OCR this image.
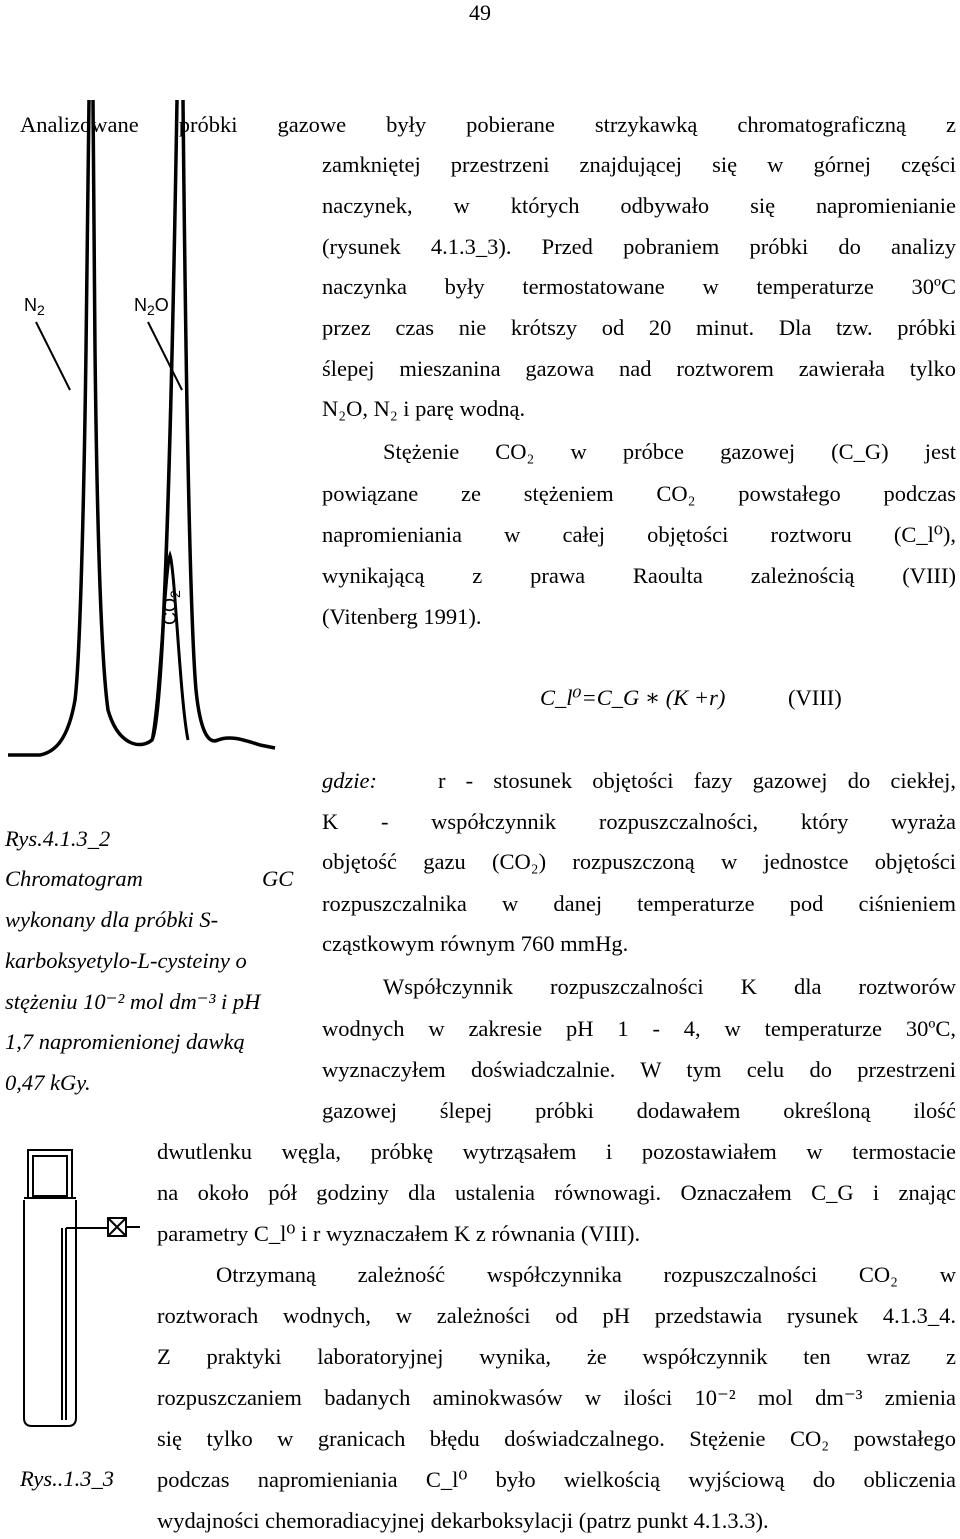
49
$N_2$	$N_2O$
$CO_2$
Analizowane próbki gazowe były pobierane strzykawką chromatograficzną z
zamkniętej przestrzeni znajdującej się w górnej części
naczynek, w których odbywało się napromienianie
(rysunek 4.1.3_3). Przed pobraniem próbki do analizy
naczynka były termostatowane w temperaturze 30ºC
przez czas nie krótszy od 20 minut. Dla tzw. próbki
ślepej mieszanina gazowa nad roztworem zawierała tylko
N₂O, N₂ i parę wodną.
Stężenie CO₂ w próbce gazowej (C_G) jest
powiązane ze stężeniem CO₂ powstałego podczas
napromieniania w całej objętości roztworu (C_l⁰),
wynikającą z prawa Raoulta zależnością (VIII)
(Vitenberg 1991).
C_l⁰=C_G ∗ (K +r)	(VIII)
gdzie:	r - stosunek objętości fazy gazowej do ciekłej,
K - współczynnik rozpuszczalności, który wyraża
objętość gazu (CO₂) rozpuszczoną w jednostce objętości
rozpuszczalnika w danej temperaturze pod ciśnieniem
cząstkowym równym 760 mmHg.
Rys.4.1.3_2
Chromatogram	GC
wykonany dla próbki S-
karboksyetylo-L-cysteiny o
stężeniu 10⁻² mol dm⁻³ i pH
1,7 napromienionej dawką
0,47 kGy.
Współczynnik rozpuszczalności K dla roztworów
wodnych w zakresie pH 1 - 4, w temperaturze 30ºC,
wyznaczyłem doświadczalnie. W tym celu do przestrzeni
gazowej ślepej próbki dodawałem określoną ilość
dwutlenku węgla, próbkę wytrząsałem i pozostawiałem w termostacie
na około pół godziny dla ustalenia równowagi. Oznaczałem C_G i znając
parametry C_l⁰ i r wyznaczałem K z równania (VIII).
Otrzymaną zależność współczynnika rozpuszczalności CO₂ w
roztworach wodnych, w zależności od pH przedstawia rysunek 4.1.3_4.
Z praktyki laboratoryjnej wynika, że współczynnik ten wraz z
rozpuszczaniem badanych aminokwasów w ilości 10⁻² mol dm⁻³ zmienia
się tylko w granicach błędu doświadczalnego. Stężenie CO₂ powstałego
podczas napromieniania C_l⁰ było wielkością wyjściową do obliczenia
wydajności chemoradiacyjnej dekarboksylacji (patrz punkt 4.1.3.3).
Rys..1.3_3
